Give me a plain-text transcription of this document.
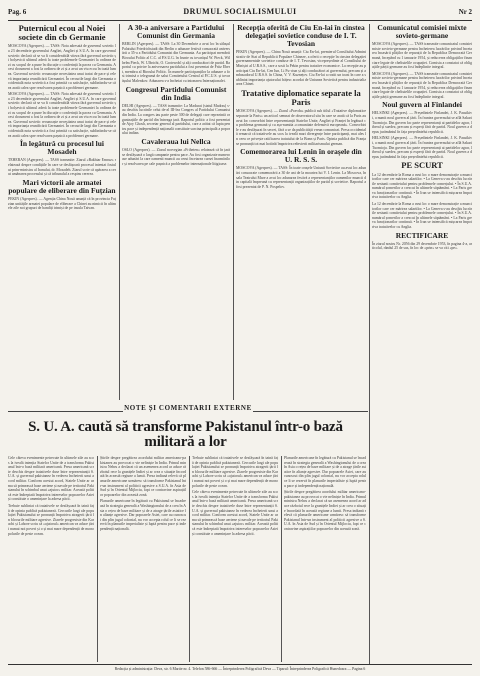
Pag. 6	DRUMUL SOCIALISMULUI	Nr 2
Puternicul ecou al Noiei societe din cb Germanie
MOSCOVA (Agerpres). — TASS: Nota adresată de guvernul sovietic la 23 decembrie guvernului Angliei, Angliei și S.U.A. în care guvernul sovietic declară că se va fi considerabilă viteza fără guvernul sovietic și bolșevicii ultimul aderă la toate problemele Germaniei la ordinea de zi cu scopul de a pune în discuție o conferință la pacea cu Germania. Acest document a fost la ordinea de zi și a avut un viu ecou în toată lumea. Guvernul sovietic recunoaște necesitatea unui tratat de pace și relevă importanța reunificării Germaniei. În cercurile largi din Germania occidentală nota sovietică a fost primită cu satisfacție, subliniindu-se că ea arată calea spre rezolvarea pașnică a problemei germane.
MOSCOVA (Agerpres). — TASS: Nota adresată de guvernul sovietic la 23 decembrie guvernului Angliei, Angliei și S.U.A. în care guvernul sovietic declară că se va fi considerabilă viteza fără guvernul sovietic și bolșevicii ultimul aderă la toate problemele Germaniei la ordinea de zi cu scopul de a pune în discuție o conferință la pacea cu Germania. Acest document a fost la ordinea de zi și a avut un viu ecou în toată lumea. Guvernul sovietic recunoaște necesitatea unui tratat de pace și relevă importanța reunificării Germaniei. În cercurile largi din Germania occidentală nota sovietică a fost primită cu satisfacție, subliniindu-se că ea arată calea spre rezolvarea pașnică a problemei germane.
În legătură cu procesul lui Mosadeh
TEHERAN (Agerpres). — TASS transmite: Ziarul «Bakhtar Emruz» relatează despre condițiile în care se desfășoară procesul intentat fostului prim-ministru al Iranului, dr. Mosadeh. Ziarul scrie că apărarea a cerut amânarea procesului și că tribunalul a respins cererea.
Mari victorii ale armatei populare de eliberare din Fuțzian
PEKIN (Agerpres). — Agenția China Nouă anunță că în provincia Fuțzian unitățile armatei populare de eliberare a Chinei au nimicit în ultimele zile noi grupuri de bandiți trimiși de pe insula Taivan.
A 30-a aniversare a Partidului Comunist din Germania
BERLIN (Agerpres). — TASS: La 30 Decembrie a avut loc în sălașul Palatului Friedrichstadt din Berlin o adunare festivă consacrată aniversării a 35-a a Partidului Comunist din Germania. Au participat membrii Biroului Politic al C.C. al P.S.U.G. în frunte cu tovarășul W. Pieck, Wilhelm Pieck, W. Ulbricht, O. Grotewohl și alți conducători de partid. Raportul cu privire la aniversarea partidului a fost prezentat de Fritz Ebert, membru al Biroului Politic. În numele participanților la adunare a fost trimisă o telegramă de salut Comitetului Central al P.C.U.S. și tovarășului Malenkov. Adunarea s-a încheiat cu intonarea Internaționalei.
Congresul Partidului Comunist din India
DELHI (Agerpres). — TASS transmite: La Madurai (statul Madras) s-au deschis lucrările celui de-al III-lea Congres al Partidului Comunist din India. La congres iau parte peste 300 de delegați care reprezintă organizațiile de partid din întreaga țară. Raportul politic a fost prezentat de Ajoy Ghosh, secretar general al partidului, care a arătat că lupta pentru pace și independență națională constituie sarcina principală a poporului indian.
Cavaleraua lui Nellca
OSLO (Agerpres). — Ziarul norvegian «Friheten» relatează că în țară se desfășoară o largă campanie pentru pace. Au fost organizate numeroase adunări la care oamenii muncii au cerut încetarea cursei înarmărilor și rezolvarea pe cale pașnică a problemelor internaționale litigioase.
Recepția oferită de Ciu En-lai în cinstea delegației sovietice conduse de I. T. Tevosian
PEKIN (Agerpres). — China Nouă anunță: Ciu En-lai, premierul Consiliului Administrativ de Stat al Republicii Populare Chineze, a oferit o recepție în cinstea delegației guvernamentale sovietice conduse de I. T. Tevosian, vicepreședinte al Consiliului de Miniștri al U.R.S.S., care a sosit la Pekin pentru tratative economice. La recepție au participat Ciu En-lai, Cen Iun, Li Fu-ciun și alți conducători ai guvernului, precum și ambasadorul U.R.S.S. în China, V. V. Kuznețov. Ciu En-lai a rostit un toast în care a subliniat importanța ajutorului frățesc acordat de Uniunea Sovietică pentru industrializarea Chinei.
Tratative diplomatice separate la Paris
MOSCOVA (Agerpres). — Ziarul «Pravda» publică sub titlul «Tratative diplomatice separate la Paris» un articol semnat de observatorul său în care se arată că la Paris au avut loc convorbiri între reprezentanții Statelor Unite, Angliei și Franței în legătură cu problema germană și cu așa-numita «comunitate defensivă europeană». Convorbirile s-au desfășurat în secret, fără a se da publicității vreun comunicat. Presa occidentală remarcă că tratativele au scos la iveală mari divergențe între participanți, mai ales în ceea ce privește ratificarea tratatului de la Bonn și Paris. Opinia publică din Franța se pronunță tot mai hotărât împotriva reînvierii militarismului german.
Comemorarea lui Lenin în orașele din U. R. S. S.
MOSCOVA (Agerpres). — TASS: În toate orașele Uniunii Sovietice au avut loc adunări consacrate comemorării a 30 de ani de la moartea lui V. I. Lenin. La Moscova, în sala Teatrului Mare a avut loc adunarea festivă a reprezentanților oamenilor muncii din capitală împreună cu reprezentanții organizațiilor de partid și sovietice. Raportul a fost prezentat de P. N. Pospelov.
Comunicatul comisiei mixte sovieto-germane
MOSCOVA (Agerpres). — TASS transmite comunicatul comisiei mixte sovieto-germane pentru încheierea lucrărilor privind încetarea încasării plăților de reparații de la Republica Democrată Germană, începând cu 1 ianuarie 1954, și reducerea obligațiilor financiare legate de cheltuielile ocupației. Comisia a constatat că obligațiile părții germane au fost îndeplinite integral.
MOSCOVA (Agerpres). — TASS transmite comunicatul comisiei mixte sovieto-germane pentru încheierea lucrărilor privind încetarea încasării plăților de reparații de la Republica Democrată Germană, începând cu 1 ianuarie 1954, și reducerea obligațiilor financiare legate de cheltuielile ocupației. Comisia a constatat că obligațiile părții germane au fost îndeplinite integral.
Noul guvern al Finlandei
HELSINKI (Agerpres). — Președintele Finlandei, J. K. Paasikivi, a numit noul guvern al țării. În fruntea guvernului se află Sakari Tuomioja. Din guvern fac parte reprezentanți ai partidelor agrar, liberal și suedez, precum și experți fără de partid. Noul guvern a depus jurământul în fața președintelui republicii.
HELSINKI (Agerpres). — Președintele Finlandei, J. K. Paasikivi, a numit noul guvern al țării. În fruntea guvernului se află Sakari Tuomioja. Din guvern fac parte reprezentanți ai partidelor agrar, liberal și suedez, precum și experți fără de partid. Noul guvern a depus jurământul în fața președintelui republicii.
PE SCURT
La 12 decembrie la Roma a avut loc o mare demonstrație a muncitorilor care cer mărirea salariilor. • La Geneva s-au deschis lucrările sesiunii comitetului pentru problemele comerțului. • În S.U.A. numărul șomerilor a crescut în ultimele săptămâni. • La Paris greva funcționarilor continuă. • În Iran se intensifică mișcarea împotriva tratativelor cu Anglia.
La 12 decembrie la Roma a avut loc o mare demonstrație a muncitorilor care cer mărirea salariilor. • La Geneva s-au deschis lucrările sesiunii comitetului pentru problemele comerțului. • În S.U.A. numărul șomerilor a crescut în ultimele săptămâni. • La Paris greva funcționarilor continuă. • În Iran se intensifică mișcarea împotriva tratativelor cu Anglia.
RECTIFICARE
În ziarul nostru Nr. 2056 din 29 decembrie 1953, în pagina 4-a, articolul, rândul 25 de sus, în loc de «prin» se va citi «pe».
NOTE ȘI COMENTARII EXTERNE
S. U. A. caută să transforme Pakistanul într-o bază militară a lor
Cele câteva evenimente petrecute în ultimele zile au scos la iveală intenția Statelor Unite de a transforma Pakistanul într-o bază militară americană. Presa americană scrie deschis despre tratativele duse între reprezentanții S.U.A. și guvernul pakistanez în vederea încheierii unui acord militar. Conform acestui acord, Statele Unite ar urma să primească baze aeriene și navale pe teritoriul Pakistanului în schimbul unui «ajutor» militar. Această politică este îndreptată împotriva intereselor popoarelor Asiei și constituie o amenințare la adresa păcii.
Trebuie subliniat că tratativele se desfășoară în taină față de opinia publică pakistaneză. Cercurile largi ale populației Pakistanului se pronunță împotriva atragerii țării în blocurile militare agresive. Ziarele progresiste din Karachi și Lahore scriu că «ajutorul» american va aduce țării numai noi poveri și o și mai mare dependență de monopolurile de peste ocean.
Știrile despre pregătirea acordului militar americano-pakistanez au provocat o vie neliniște în India. Primul ministru Nehru a declarat că un asemenea acord ar aduce războiul rece la granițele Indiei și ar crea o situație încordată în această regiune a lumii. Presa indiană relevă că planurile americane urmăresc să transforme Pakistanul într-un instrument al politicii agresive a S.U.A. în Asia de Sud și în Orientul Mijlociu, fapt ce contravine aspirațiilor popoarelor din această zonă.
Planurile americane în legătură cu Pakistanul se încadrează în strategia generală a Washingtonului de a crea în Asia o rețea de baze militare și de a atrage țările asiatice în alianțe agresive. Dar popoarele Asiei, care au cunoscut din plin jugul colonial, nu vor accepta rolul ce li se rezervă în planurile imperialiste și luptă pentru pace și independență națională.
Trebuie subliniat că tratativele se desfășoară în taină față de opinia publică pakistaneză. Cercurile largi ale populației Pakistanului se pronunță împotriva atragerii țării în blocurile militare agresive. Ziarele progresiste din Karachi și Lahore scriu că «ajutorul» american va aduce țării numai noi poveri și o și mai mare dependență de monopolurile de peste ocean.
Cele câteva evenimente petrecute în ultimele zile au scos la iveală intenția Statelor Unite de a transforma Pakistanul într-o bază militară americană. Presa americană scrie deschis despre tratativele duse între reprezentanții S.U.A. și guvernul pakistanez în vederea încheierii unui acord militar. Conform acestui acord, Statele Unite ar urma să primească baze aeriene și navale pe teritoriul Pakistanului în schimbul unui «ajutor» militar. Această politică este îndreptată împotriva intereselor popoarelor Asiei și constituie o amenințare la adresa păcii.
Planurile americane în legătură cu Pakistanul se încadrează în strategia generală a Washingtonului de a crea în Asia o rețea de baze militare și de a atrage țările asiatice în alianțe agresive. Dar popoarele Asiei, care au cunoscut din plin jugul colonial, nu vor accepta rolul ce li se rezervă în planurile imperialiste și luptă pentru pace și independență națională.
Știrile despre pregătirea acordului militar americano-pakistanez au provocat o vie neliniște în India. Primul ministru Nehru a declarat că un asemenea acord ar aduce războiul rece la granițele Indiei și ar crea o situație încordată în această regiune a lumii. Presa indiană relevă că planurile americane urmăresc să transforme Pakistanul într-un instrument al politicii agresive a S.U.A. în Asia de Sud și în Orientul Mijlociu, fapt ce contravine aspirațiilor popoarelor din această zonă.
Redacția și administrația: Deva, str. 6 Martie nr. 4. Telefon 586-666 — Întreprinderea Poligrafică Deva — Tiparul: Întreprinderea Poligrafică Hunedoara — Pagina 6
